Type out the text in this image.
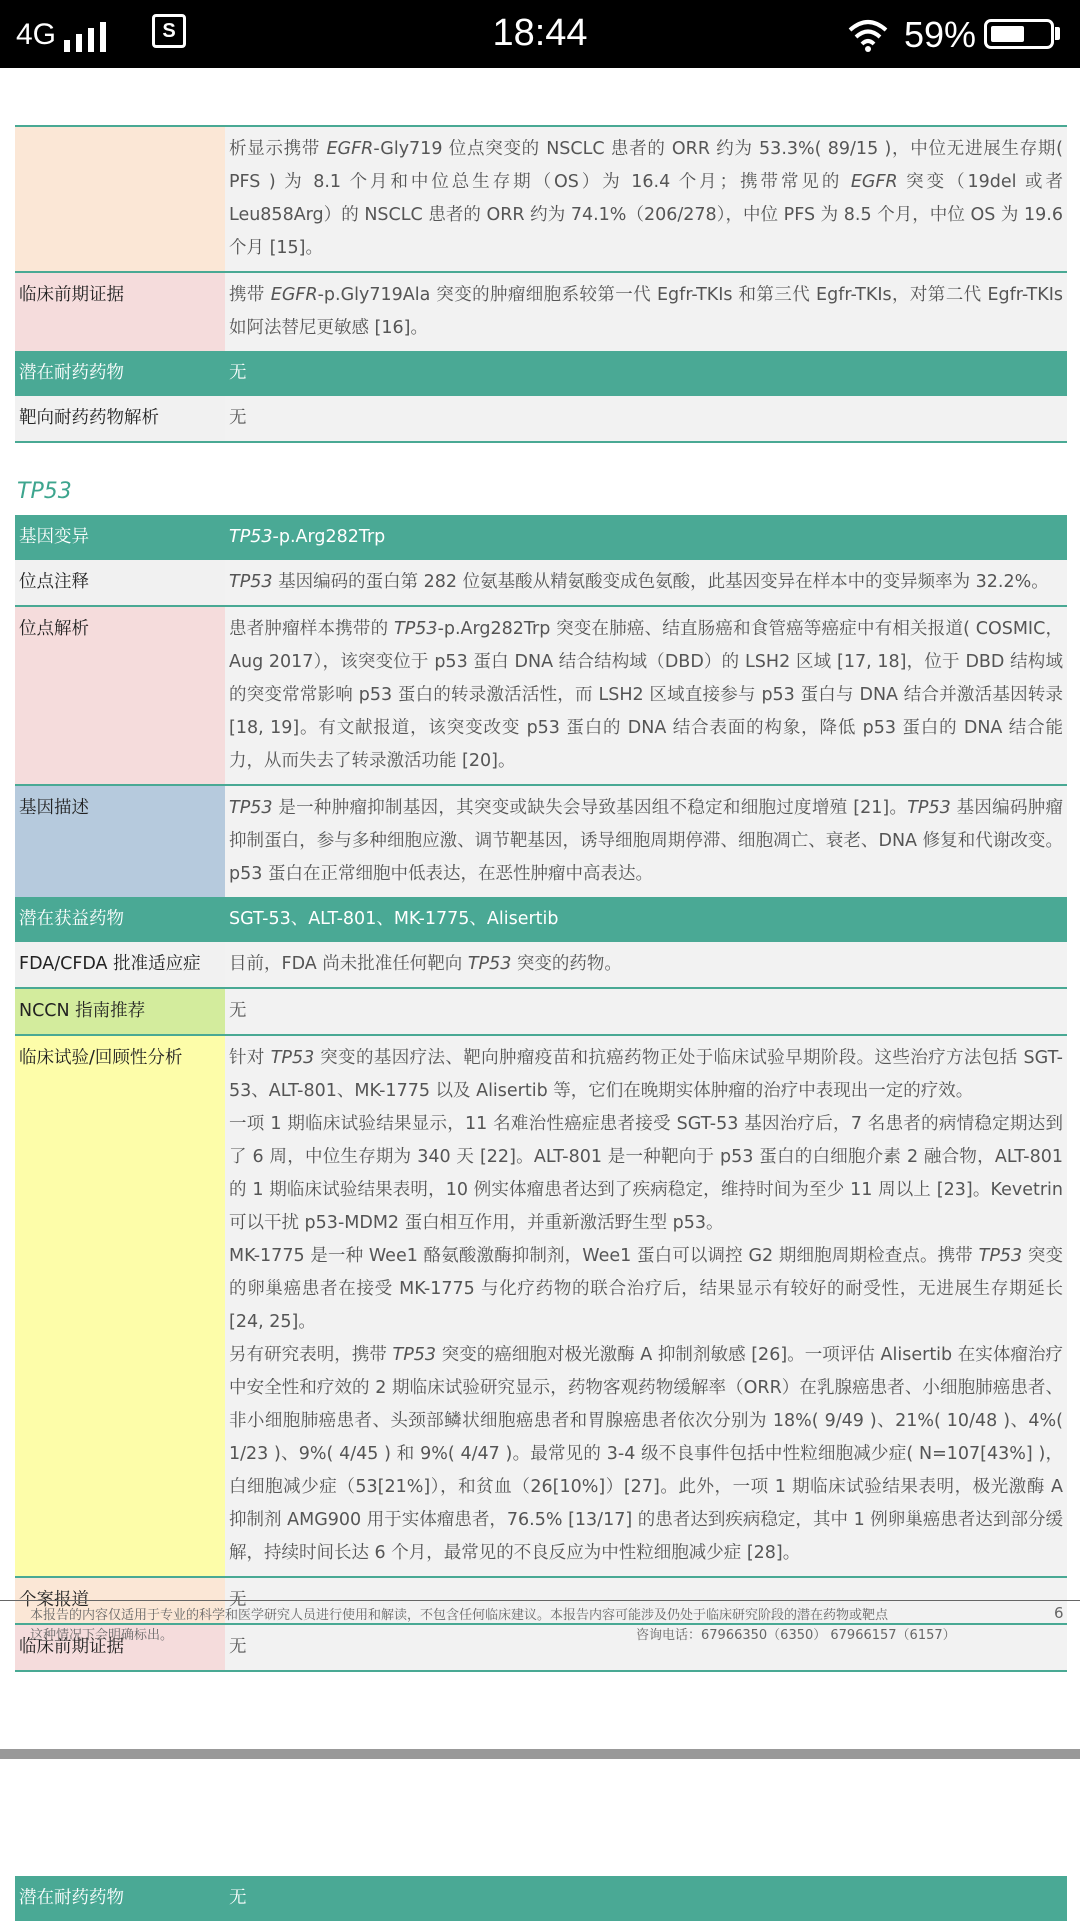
4G	S	18:44	59%
	析显示携带 EGFR-Gly719 位点突变的 NSCLC 患者的 ORR 约为 53.3%( 89/15 )，中位无进展生存期( PFS ) 为 8.1 个月和中位总生存期（OS）为 16.4 个月；携带常见的 EGFR 突变（19del 或者 Leu858Arg）的 NSCLC 患者的 ORR 约为 74.1%（206/278），中位 PFS 为 8.5 个月，中位 OS 为 19.6 个月 [15]。
临床前期证据	携带 EGFR-p.Gly719Ala 突变的肿瘤细胞系较第一代 Egfr-TKIs 和第三代 Egfr-TKIs，对第二代 Egfr-TKIs 如阿法替尼更敏感 [16]。
潜在耐药药物	无
靶向耐药药物解析	无
TP53
基因变异	TP53-p.Arg282Trp
位点注释	TP53 基因编码的蛋白第 282 位氨基酸从精氨酸变成色氨酸，此基因变异在样本中的变异频率为 32.2%。
位点解析	患者肿瘤样本携带的 TP53-p.Arg282Trp 突变在肺癌、结直肠癌和食管癌等癌症中有相关报道( COSMIC，Aug 2017），该突变位于 p53 蛋白 DNA 结合结构域（DBD）的 LSH2 区域 [17, 18]，位于 DBD 结构域的突变常常影响 p53 蛋白的转录激活活性，而 LSH2 区域直接参与 p53 蛋白与 DNA 结合并激活基因转录 [18, 19]。有文献报道，该突变改变 p53 蛋白的 DNA 结合表面的构象，降低 p53 蛋白的 DNA 结合能力，从而失去了转录激活功能 [20]。
基因描述	TP53 是一种肿瘤抑制基因，其突变或缺失会导致基因组不稳定和细胞过度增殖 [21]。TP53 基因编码肿瘤抑制蛋白，参与多种细胞应激、调节靶基因，诱导细胞周期停滞、细胞凋亡、衰老、DNA 修复和代谢改变。p53 蛋白在正常细胞中低表达，在恶性肿瘤中高表达。
潜在获益药物	SGT-53、ALT-801、MK-1775、Alisertib
FDA/CFDA 批准适应症	目前，FDA 尚未批准任何靶向 TP53 突变的药物。
NCCN 指南推荐	无
临床试验/回顾性分析	针对 TP53 突变的基因疗法、靶向肿瘤疫苗和抗癌药物正处于临床试验早期阶段。这些治疗方法包括 SGT-53、ALT-801、MK-1775 以及 Alisertib 等，它们在晚期实体肿瘤的治疗中表现出一定的疗效。

一项 1 期临床试验结果显示，11 名难治性癌症患者接受 SGT-53 基因治疗后，7 名患者的病情稳定期达到了 6 周，中位生存期为 340 天 [22]。ALT-801 是一种靶向于 p53 蛋白的白细胞介素 2 融合物，ALT-801 的 1 期临床试验结果表明，10 例实体瘤患者达到了疾病稳定，维持时间为至少 11 周以上 [23]。Kevetrin 可以干扰 p53-MDM2 蛋白相互作用，并重新激活野生型 p53。

MK-1775 是一种 Wee1 酪氨酸激酶抑制剂，Wee1 蛋白可以调控 G2 期细胞周期检查点。携带 TP53 突变的卵巢癌患者在接受 MK-1775 与化疗药物的联合治疗后，结果显示有较好的耐受性，无进展生存期延长 [24, 25]。

另有研究表明，携带 TP53 突变的癌细胞对极光激酶 A 抑制剂敏感 [26]。一项评估 Alisertib 在实体瘤治疗中安全性和疗效的 2 期临床试验研究显示，药物客观药物缓解率（ORR）在乳腺癌患者、小细胞肺癌患者、非小细胞肺癌患者、头颈部鳞状细胞癌患者和胃腺癌患者依次分别为 18%( 9/49 )、21%( 10/48 )、4%( 1/23 )、9%( 4/45 ) 和 9%( 4/47 )。最常见的 3-4 级不良事件包括中性粒细胞减少症( N=107[43%] )，白细胞减少症（53[21%]），和贫血（26[10%]）[27]。此外，一项 1 期临床试验结果表明，极光激酶 A 抑制剂 AMG900 用于实体瘤患者，76.5% [13/17] 的患者达到疾病稳定，其中 1 例卵巢癌患者达到部分缓解，持续时间长达 6 个月，最常见的不良反应为中性粒细胞减少症 [28]。

个案报道	无
临床前期证据	无
本报告的内容仅适用于专业的科学和医学研究人员进行使用和解读，不包含任何临床建议。本报告内容可能涉及仍处于临床研究阶段的潜在药物或靶点
这种情况下会明确标出。	咨询电话：67966350（6350） 67966157（6157）
6
潜在耐药药物	无
